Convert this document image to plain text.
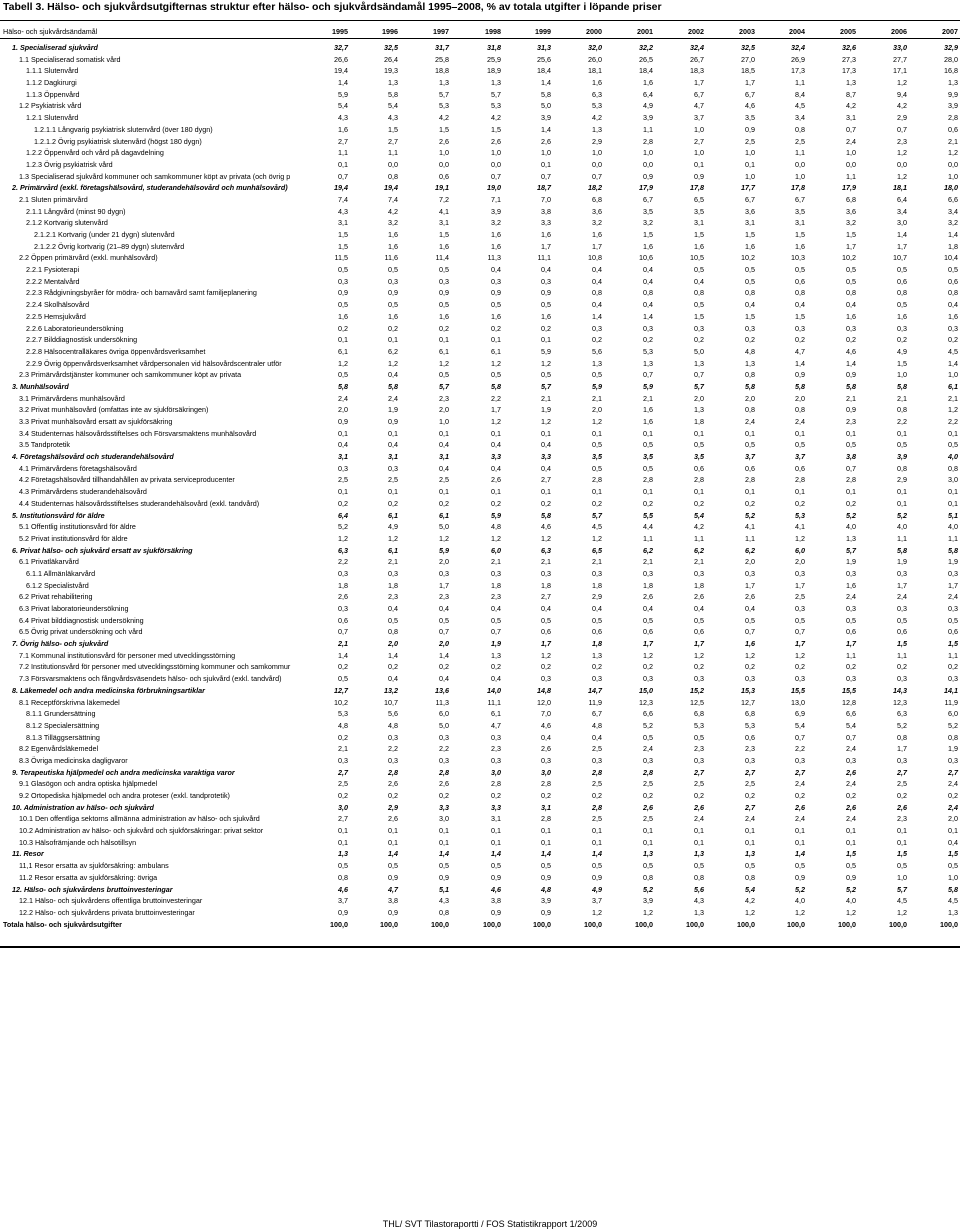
Tabell 3. Hälso- och sjukvårdsutgifternas struktur efter hälso- och sjukvårdsändamål 1995–2008, % av totala utgifter i löpande priser
Hälso- och sjukvårdsändamål	1995	1996	1997	1998	1999	2000	2001	2002	2003	2004	2005	2006	2007
1. Specialiserad sjukvård	32,7	32,5	31,7	31,8	31,3	32,0	32,2	32,4	32,5	32,4	32,6	33,0	32,9
1.1 Specialiserad somatisk vård	26,6	26,4	25,8	25,9	25,6	26,0	26,5	26,7	27,0	26,9	27,3	27,7	28,0
1.1.1 Slutenvård	19,4	19,3	18,8	18,9	18,4	18,1	18,4	18,3	18,5	17,3	17,3	17,1	16,8
1.1.2 Dagkirurgi	1,4	1,3	1,3	1,3	1,4	1,6	1,6	1,7	1,7	1,1	1,3	1,2	1,3
1.1.3 Öppenvård	5,9	5,8	5,7	5,7	5,8	6,3	6,4	6,7	6,7	8,4	8,7	9,4	9,9
1.2 Psykiatrisk vård	5,4	5,4	5,3	5,3	5,0	5,3	4,9	4,7	4,6	4,5	4,2	4,2	3,9
1.2.1 Slutenvård	4,3	4,3	4,2	4,2	3,9	4,2	3,9	3,7	3,5	3,4	3,1	2,9	2,8
1.2.1.1 Långvarig psykiatrisk slutenvård (över 180 dygn)	1,6	1,5	1,5	1,5	1,4	1,3	1,1	1,0	0,9	0,8	0,7	0,7	0,6
1.2.1.2 Övrig psykiatrisk slutenvård (högst 180 dygn)	2,7	2,7	2,6	2,6	2,6	2,9	2,8	2,7	2,5	2,5	2,4	2,3	2,1
1.2.2 Öppenvård och vård på dagavdelning	1,1	1,1	1,0	1,0	1,0	1,0	1,0	1,0	1,0	1,1	1,0	1,2	1,2
1.2.3 Övrig psykiatrisk vård	0,1	0,0	0,0	0,0	0,1	0,0	0,0	0,1	0,1	0,0	0,0	0,0	0,0
1.3 Specialiserad sjukvård kommuner och samkommuner köpt av privata (och övrig p	0,7	0,8	0,6	0,7	0,7	0,7	0,9	0,9	1,0	1,0	1,1	1,2	1,0
2. Primärvård (exkl. företagshälsovård, studerandehälsovård och munhälsovård)	19,4	19,4	19,1	19,0	18,7	18,2	17,9	17,8	17,7	17,8	17,9	18,1	18,0
2.1 Sluten primärvård	7,4	7,4	7,2	7,1	7,0	6,8	6,7	6,5	6,7	6,7	6,8	6,4	6,6
2.1.1 Långvård (minst 90 dygn)	4,3	4,2	4,1	3,9	3,8	3,6	3,5	3,5	3,6	3,5	3,6	3,4	3,4
2.1.2 Kortvarig slutenvård	3,1	3,2	3,1	3,2	3,3	3,2	3,2	3,1	3,1	3,1	3,2	3,0	3,2
2.1.2.1 Kortvarig (under 21 dygn) slutenvård	1,5	1,6	1,5	1,6	1,6	1,6	1,5	1,5	1,5	1,5	1,5	1,4	1,4
2.1.2.2 Övrig kortvarig (21–89 dygn) slutenvård	1,5	1,6	1,6	1,6	1,7	1,7	1,6	1,6	1,6	1,6	1,7	1,7	1,8
2.2 Öppen primärvård (exkl. munhälsovård)	11,5	11,6	11,4	11,3	11,1	10,8	10,6	10,5	10,2	10,3	10,2	10,7	10,4
2.2.1 Fysioterapi	0,5	0,5	0,5	0,4	0,4	0,4	0,4	0,5	0,5	0,5	0,5	0,5	0,5
2.2.2 Mentalvård	0,3	0,3	0,3	0,3	0,3	0,4	0,4	0,4	0,5	0,6	0,5	0,6	0,6
2.2.3 Rådgivningsbyråer för mödra- och barnavård samt familjeplanering	0,9	0,9	0,9	0,9	0,9	0,8	0,8	0,8	0,8	0,8	0,8	0,8	0,8
2.2.4 Skolhälsovård	0,5	0,5	0,5	0,5	0,5	0,4	0,4	0,5	0,4	0,4	0,4	0,5	0,4
2.2.5 Hemsjukvård	1,6	1,6	1,6	1,6	1,6	1,4	1,4	1,5	1,5	1,5	1,6	1,6	1,6
2.2.6 Laboratorieundersökning	0,2	0,2	0,2	0,2	0,2	0,3	0,3	0,3	0,3	0,3	0,3	0,3	0,3
2.2.7 Bilddiagnostisk undersökning	0,1	0,1	0,1	0,1	0,1	0,2	0,2	0,2	0,2	0,2	0,2	0,2	0,2
2.2.8 Hälsocentralläkares övriga öppenvårdsverksamhet	6,1	6,2	6,1	6,1	5,9	5,6	5,3	5,0	4,8	4,7	4,6	4,9	4,5
2.2.9 Övrig öppenvårdsverksamhet vårdpersonalen vid hälsovårdscentraler utför	1,2	1,2	1,2	1,2	1,2	1,3	1,3	1,3	1,3	1,4	1,4	1,5	1,4
2.3 Primärvårdstjänster kommuner och samkommuner köpt av privata	0,5	0,4	0,5	0,5	0,5	0,5	0,7	0,7	0,8	0,9	0,9	1,0	1,0
3. Munhälsovård	5,8	5,8	5,7	5,8	5,7	5,9	5,9	5,7	5,8	5,8	5,8	5,8	6,1
3.1 Primärvårdens munhälsovård	2,4	2,4	2,3	2,2	2,1	2,1	2,1	2,0	2,0	2,0	2,1	2,1	2,1
3.2 Privat munhälsovård (omfattas inte av sjukförsäkringen)	2,0	1,9	2,0	1,7	1,9	2,0	1,6	1,3	0,8	0,8	0,9	0,8	1,2
3.3 Privat munhälsovård ersatt av sjukförsäkring	0,9	0,9	1,0	1,2	1,2	1,2	1,6	1,8	2,4	2,4	2,3	2,2	2,2
3.4 Studenternas hälsovårdsstiftelses och Försvarsmaktens munhälsovård	0,1	0,1	0,1	0,1	0,1	0,1	0,1	0,1	0,1	0,1	0,1	0,1	0,1
3.5 Tandprotetik	0,4	0,4	0,4	0,4	0,4	0,5	0,5	0,5	0,5	0,5	0,5	0,5	0,5
4. Företagshälsovård och studerandehälsovård	3,1	3,1	3,1	3,3	3,3	3,5	3,5	3,5	3,7	3,7	3,8	3,9	4,0
4.1 Primärvårdens företagshälsovård	0,3	0,3	0,4	0,4	0,4	0,5	0,5	0,6	0,6	0,6	0,7	0,8	0,8
4.2 Företagshälsovård tillhandahållen av privata serviceproducenter	2,5	2,5	2,5	2,6	2,7	2,8	2,8	2,8	2,8	2,8	2,8	2,9	3,0
4.3 Primärvårdens studerandehälsovård	0,1	0,1	0,1	0,1	0,1	0,1	0,1	0,1	0,1	0,1	0,1	0,1	0,1
4.4 Studenternas hälsovårdsstiftelses studerandehälsovård (exkl. tandvård)	0,2	0,2	0,2	0,2	0,2	0,2	0,2	0,2	0,2	0,2	0,2	0,1	0,1
5. Institutionsvård för äldre	6,4	6,1	6,1	5,9	5,8	5,7	5,5	5,4	5,2	5,3	5,2	5,2	5,1
5.1 Offentlig institutionsvård för äldre	5,2	4,9	5,0	4,8	4,6	4,5	4,4	4,2	4,1	4,1	4,0	4,0	4,0
5.2 Privat institutionsvård för äldre	1,2	1,2	1,2	1,2	1,2	1,2	1,1	1,1	1,1	1,2	1,3	1,1	1,1
6. Privat hälso- och sjukvård ersatt av sjukförsäkring	6,3	6,1	5,9	6,0	6,3	6,5	6,2	6,2	6,2	6,0	5,7	5,8	5,8
6.1 Privatläkarvård	2,2	2,1	2,0	2,1	2,1	2,1	2,1	2,1	2,0	2,0	1,9	1,9	1,9
6.1.1 Allmänläkarvård	0,3	0,3	0,3	0,3	0,3	0,3	0,3	0,3	0,3	0,3	0,3	0,3	0,3
6.1.2 Specialistvård	1,8	1,8	1,7	1,8	1,8	1,8	1,8	1,8	1,7	1,7	1,6	1,7	1,7
6.2 Privat rehabilitering	2,6	2,3	2,3	2,3	2,7	2,9	2,6	2,6	2,6	2,5	2,4	2,4	2,4
6.3 Privat laboratorieundersökning	0,3	0,4	0,4	0,4	0,4	0,4	0,4	0,4	0,4	0,3	0,3	0,3	0,3
6.4 Privat bilddiagnostisk undersökning	0,6	0,5	0,5	0,5	0,5	0,5	0,5	0,5	0,5	0,5	0,5	0,5	0,5
6.5 Övrig privat undersökning och vård	0,7	0,8	0,7	0,7	0,6	0,6	0,6	0,6	0,7	0,7	0,6	0,6	0,6
7. Övrig hälso- och sjukvård	2,1	2,0	2,0	1,9	1,7	1,8	1,7	1,7	1,6	1,7	1,7	1,5	1,5
7.1 Kommunal institutionsvård för personer med utvecklingsstörning	1,4	1,4	1,4	1,3	1,2	1,3	1,2	1,2	1,2	1,2	1,1	1,1	1,1
7.2 Institutionsvård för personer med utvecklingsstörning kommuner och samkommur	0,2	0,2	0,2	0,2	0,2	0,2	0,2	0,2	0,2	0,2	0,2	0,2	0,2
7.3 Försvarsmaktens och fångvårdsväsendets hälso- och sjukvård (exkl. tandvård)	0,5	0,4	0,4	0,4	0,3	0,3	0,3	0,3	0,3	0,3	0,3	0,3	0,3
8. Läkemedel och andra medicinska förbrukningsartiklar	12,7	13,2	13,6	14,0	14,8	14,7	15,0	15,2	15,3	15,5	15,5	14,3	14,1
8.1 Receptförskrivna läkemedel	10,2	10,7	11,3	11,1	12,0	11,9	12,3	12,5	12,7	13,0	12,8	12,3	11,9
8.1.1 Grundersättning	5,3	5,6	6,0	6,1	7,0	6,7	6,6	6,8	6,8	6,9	6,6	6,3	6,0
8.1.2 Specialersättning	4,8	4,8	5,0	4,7	4,6	4,8	5,2	5,3	5,3	5,4	5,4	5,2	5,2
8.1.3 Tilläggsersättning	0,2	0,3	0,3	0,3	0,4	0,4	0,5	0,5	0,6	0,7	0,7	0,8	0,8
8.2 Egenvårdsläkemedel	2,1	2,2	2,2	2,3	2,6	2,5	2,4	2,3	2,3	2,2	2,4	1,7	1,9
8.3 Övriga medicinska dagligvaror	0,3	0,3	0,3	0,3	0,3	0,3	0,3	0,3	0,3	0,3	0,3	0,3	0,3
9. Terapeutiska hjälpmedel och andra medicinska varaktiga varor	2,7	2,8	2,8	3,0	3,0	2,8	2,8	2,7	2,7	2,7	2,6	2,7	2,7
9.1 Glasögon och andra optiska hjälpmedel	2,5	2,6	2,6	2,8	2,8	2,5	2,5	2,5	2,5	2,4	2,4	2,5	2,4
9.2 Ortopediska hjälpmedel och andra proteser (exkl. tandprotetik)	0,2	0,2	0,2	0,2	0,2	0,2	0,2	0,2	0,2	0,2	0,2	0,2	0,2
10. Administration av hälso- och sjukvård	3,0	2,9	3,3	3,3	3,1	2,8	2,6	2,6	2,7	2,6	2,6	2,6	2,4
10.1 Den offentliga sektorns allmänna administration av hälso- och sjukvård	2,7	2,6	3,0	3,1	2,8	2,5	2,5	2,4	2,4	2,4	2,4	2,3	2,0
10.2 Administration av hälso- och sjukvård och sjukförsäkringar: privat sektor	0,1	0,1	0,1	0,1	0,1	0,1	0,1	0,1	0,1	0,1	0,1	0,1	0,1
10.3 Hälsofrämjande och hälsotillsyn	0,1	0,1	0,1	0,1	0,1	0,1	0,1	0,1	0,1	0,1	0,1	0,1	0,4
11. Resor	1,3	1,4	1,4	1,4	1,4	1,4	1,3	1,3	1,3	1,4	1,5	1,5	1,5
11,1 Resor ersatta av sjukförsäkring: ambulans	0,5	0,5	0,5	0,5	0,5	0,5	0,5	0,5	0,5	0,5	0,5	0,5	0,5
11.2 Resor ersatta av sjukförsäkring: övriga	0,8	0,9	0,9	0,9	0,9	0,9	0,8	0,8	0,8	0,9	0,9	1,0	1,0
12. Hälso- och sjukvårdens bruttoinvesteringar	4,6	4,7	5,1	4,6	4,8	4,9	5,2	5,6	5,4	5,2	5,2	5,7	5,8
12.1 Hälso- och sjukvårdens offentliga bruttoinvesteringar	3,7	3,8	4,3	3,8	3,9	3,7	3,9	4,3	4,2	4,0	4,0	4,5	4,5
12.2 Hälso- och sjukvårdens privata bruttoinvesteringar	0,9	0,9	0,8	0,9	0,9	1,2	1,2	1,3	1,2	1,2	1,2	1,2	1,3
Totala hälso- och sjukvårdsutgifter	100,0	100,0	100,0	100,0	100,0	100,0	100,0	100,0	100,0	100,0	100,0	100,0	100,0
THL/ SVT Tilastoraportti / FOS Statistikrapport 1/2009
